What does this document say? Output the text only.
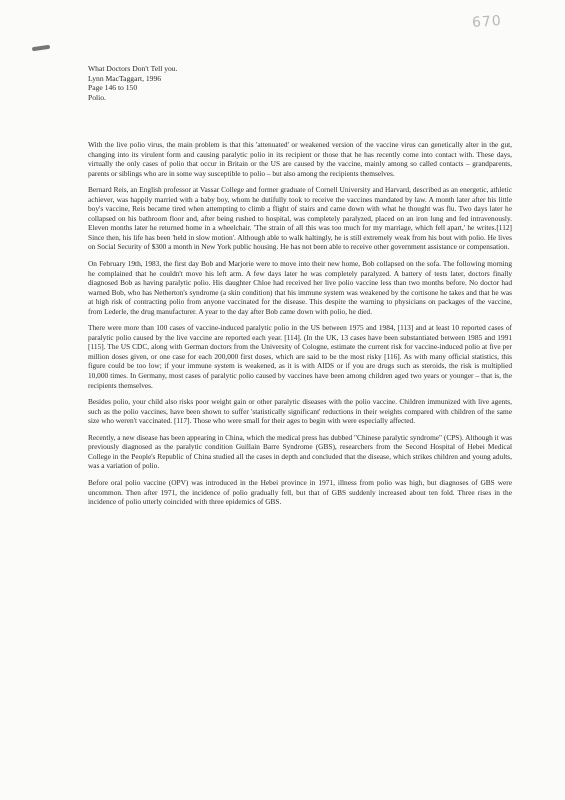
670
What Doctors Don't Tell you.
Lynn MacTaggart, 1996
Page 146 to 150
Polio.

With the live polio virus, the main problem is that this 'attenuated' or weakened version of the vaccine virus can genetically alter in the gut, changing into its virulent form and causing paralytic polio in its recipient or those that he has recently come into contact with. These days, virtually the only cases of polio that occur in Britain or the US are caused by the vaccine, mainly among so called contacts – grandparents, parents or siblings who are in some way susceptible to polio – but also among the recipients themselves.

Bernard Reis, an English professor at Vassar College and former graduate of Cornell University and Harvard, described as an energetic, athletic achiever, was happily married with a baby boy, whom he dutifully took to receive the vaccines mandated by law. A month later after his little boy's vaccine, Reis became tired when attempting to climb a flight of stairs and came down with what he thought was flu. Two days later he collapsed on his bathroom floor and, after being rushed to hospital, was completely paralyzed, placed on an iron lung and fed intravenously. Eleven months later he returned home in a wheelchair. 'The strain of all this was too much for my marriage, which fell apart,' he writes.[112] Since then, his life has been 'held in slow motion'. Although able to walk haltingly, he is still extremely weak from his bout with polio. He lives on Social Security of $300 a month in New York public housing. He has not been able to receive other government assistance or compensation.

On February 19th, 1983, the first day Bob and Marjorie were to move into their new home, Bob collapsed on the sofa. The following morning he complained that he couldn't move his left arm. A few days later he was completely paralyzed. A battery of tests later, doctors finally diagnosed Bob as having paralytic polio. His daughter Chloe had received her live polio vaccine less than two months before. No doctor had warned Bob, who has Netherton's syndrome (a skin condition) that his immune system was weakened by the cortisone he takes and that he was at high risk of contracting polio from anyone vaccinated for the disease. This despite the warning to physicians on packages of the vaccine, from Lederle, the drug manufacturer. A year to the day after Bob came down with polio, he died.

There were more than 100 cases of vaccine-induced paralytic polio in the US between 1975 and 1984, [113] and at least 10 reported cases of paralytic polio caused by the live vaccine are reported each year. [114]. (In the UK, 13 cases have been substantiated between 1985 and 1991 [115]. The US CDC, along with German doctors from the University of Cologne, estimate the current risk for vaccine-induced polio at five per million doses given, or one case for each 200,000 first doses, which are said to be the most risky [116]. As with many official statistics, this figure could be too low; if your immune system is weakened, as it is with AIDS or if you are drugs such as steroids, the risk is multiplied 10,000 times. In Germany, most cases of paralytic polio caused by vaccines have been among children aged two years or younger – that is, the recipients themselves.

Besides polio, your child also risks poor weight gain or other paralytic diseases with the polio vaccine. Children immunized with live agents, such as the polio vaccines, have been shown to suffer 'statistically significant' reductions in their weights compared with children of the same size who weren't vaccinated. [117]. Those who were small for their ages to begin with were especially affected.

Recently, a new disease has been appearing in China, which the medical press has dubbed "Chinese paralytic syndrome" (CPS). Although it was previously diagnosed as the paralytic condition Guillain Barre Syndrome (GBS), researchers from the Second Hospital of Hebei Medical College in the People's Republic of China studied all the cases in depth and concluded that the disease, which strikes children and young adults, was a variation of polio.

Before oral polio vaccine (OPV) was introduced in the Hebei province in 1971, illness from polio was high, but diagnoses of GBS were uncommon. Then after 1971, the incidence of polio gradually fell, but that of GBS suddenly increased about ten fold. Three rises in the incidence of polio utterly coincided with three epidemics of GBS.
